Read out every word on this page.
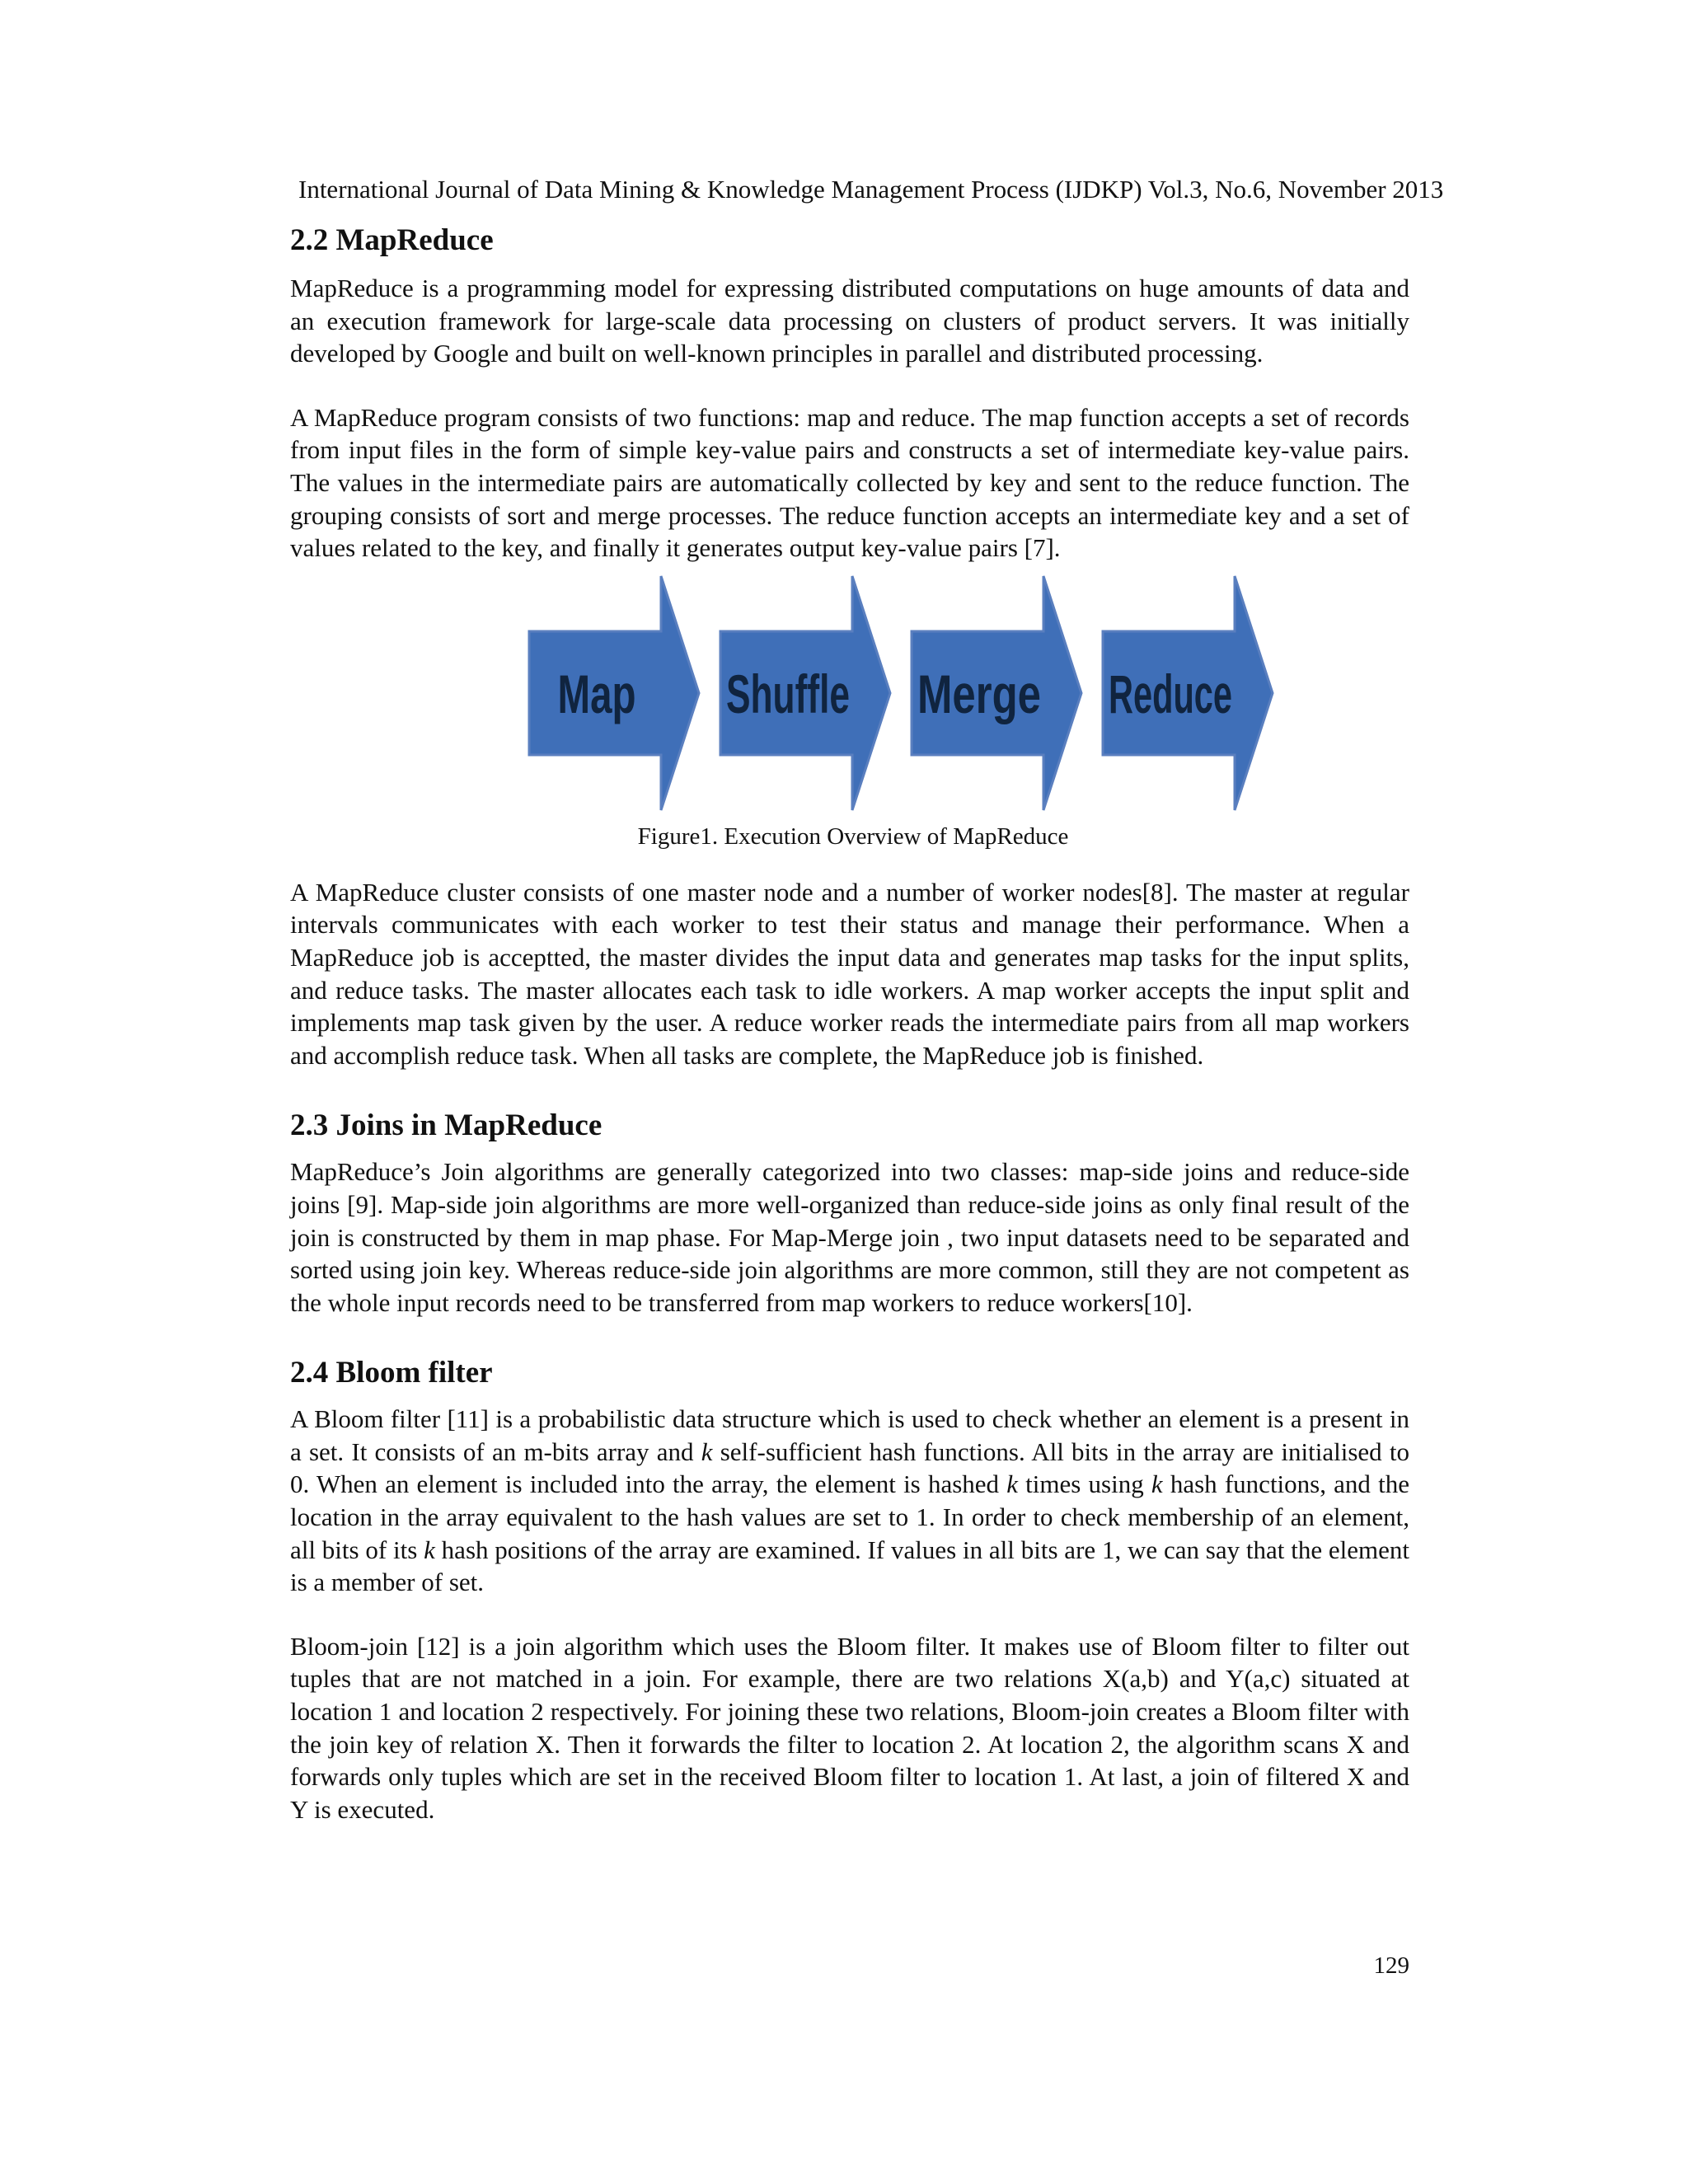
International Journal of Data Mining & Knowledge Management Process (IJDKP) Vol.3, No.6, November 2013
2.2 MapReduce

MapReduce is a programming model for expressing distributed computations on huge amounts of data and an execution framework for large-scale data processing on clusters of product servers. It was initially developed by Google and built on well-known principles in parallel and distributed processing.

A MapReduce program consists of two functions: map and reduce. The map function accepts a set of records from input files in the form of simple key-value pairs and constructs a set of intermediate key-value pairs. The values in the intermediate pairs are automatically collected by key and sent to the reduce function. The grouping consists of sort and merge processes. The reduce function accepts an intermediate key and a set of values related to the key, and finally it generates output key-value pairs [7].

Map Shuffle Merge Reduce
Figure1. Execution Overview of MapReduce

A MapReduce cluster consists of one master node and a number of worker nodes[8]. The master at regular intervals communicates with each worker to test their status and manage their performance. When a MapReduce job is acceptted, the master divides the input data and generates map tasks for the input splits, and reduce tasks. The master allocates each task to idle workers. A map worker accepts the input split and implements map task given by the user. A reduce worker reads the intermediate pairs from all map workers and accomplish reduce task. When all tasks are complete, the MapReduce job is finished.

2.3 Joins in MapReduce

MapReduce’s Join algorithms are generally categorized into two classes: map-side joins and reduce-side joins [9]. Map-side join algorithms are more well-organized than reduce-side joins as only final result of the join is constructed by them in map phase. For Map-Merge join , two input datasets need to be separated and sorted using join key. Whereas reduce-side join algorithms are more common, still they are not competent as the whole input records need to be transferred from map workers to reduce workers[10].

2.4 Bloom filter

A Bloom filter [11] is a probabilistic data structure which is used to check whether an element is a present in a set. It consists of an m-bits array and k self-sufficient hash functions. All bits in the array are initialised to 0. When an element is included into the array, the element is hashed k times using k hash functions, and the location in the array equivalent to the hash values are set to 1. In order to check membership of an element, all bits of its k hash positions of the array are examined. If values in all bits are 1, we can say that the element is a member of set.

Bloom-join [12] is a join algorithm which uses the Bloom filter. It makes use of Bloom filter to filter out tuples that are not matched in a join. For example, there are two relations X(a,b) and Y(a,c) situated at location 1 and location 2 respectively. For joining these two relations, Bloom-join creates a Bloom filter with the join key of relation X. Then it forwards the filter to location 2. At location 2, the algorithm scans X and forwards only tuples which are set in the received Bloom filter to location 1. At last, a join of filtered X and Y is executed.

129
